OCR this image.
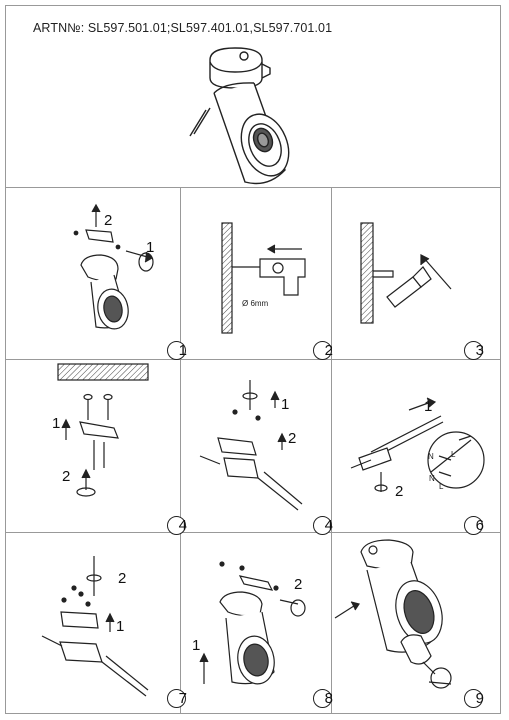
ARTN№: SL597.501.01;SL597.401.01,SL597.701.01
2
1
1
Ø 6mm
2	3
1
2
4
1
2
4
1
2
N L
N
L
6
2
1
7
2
1
8	9
